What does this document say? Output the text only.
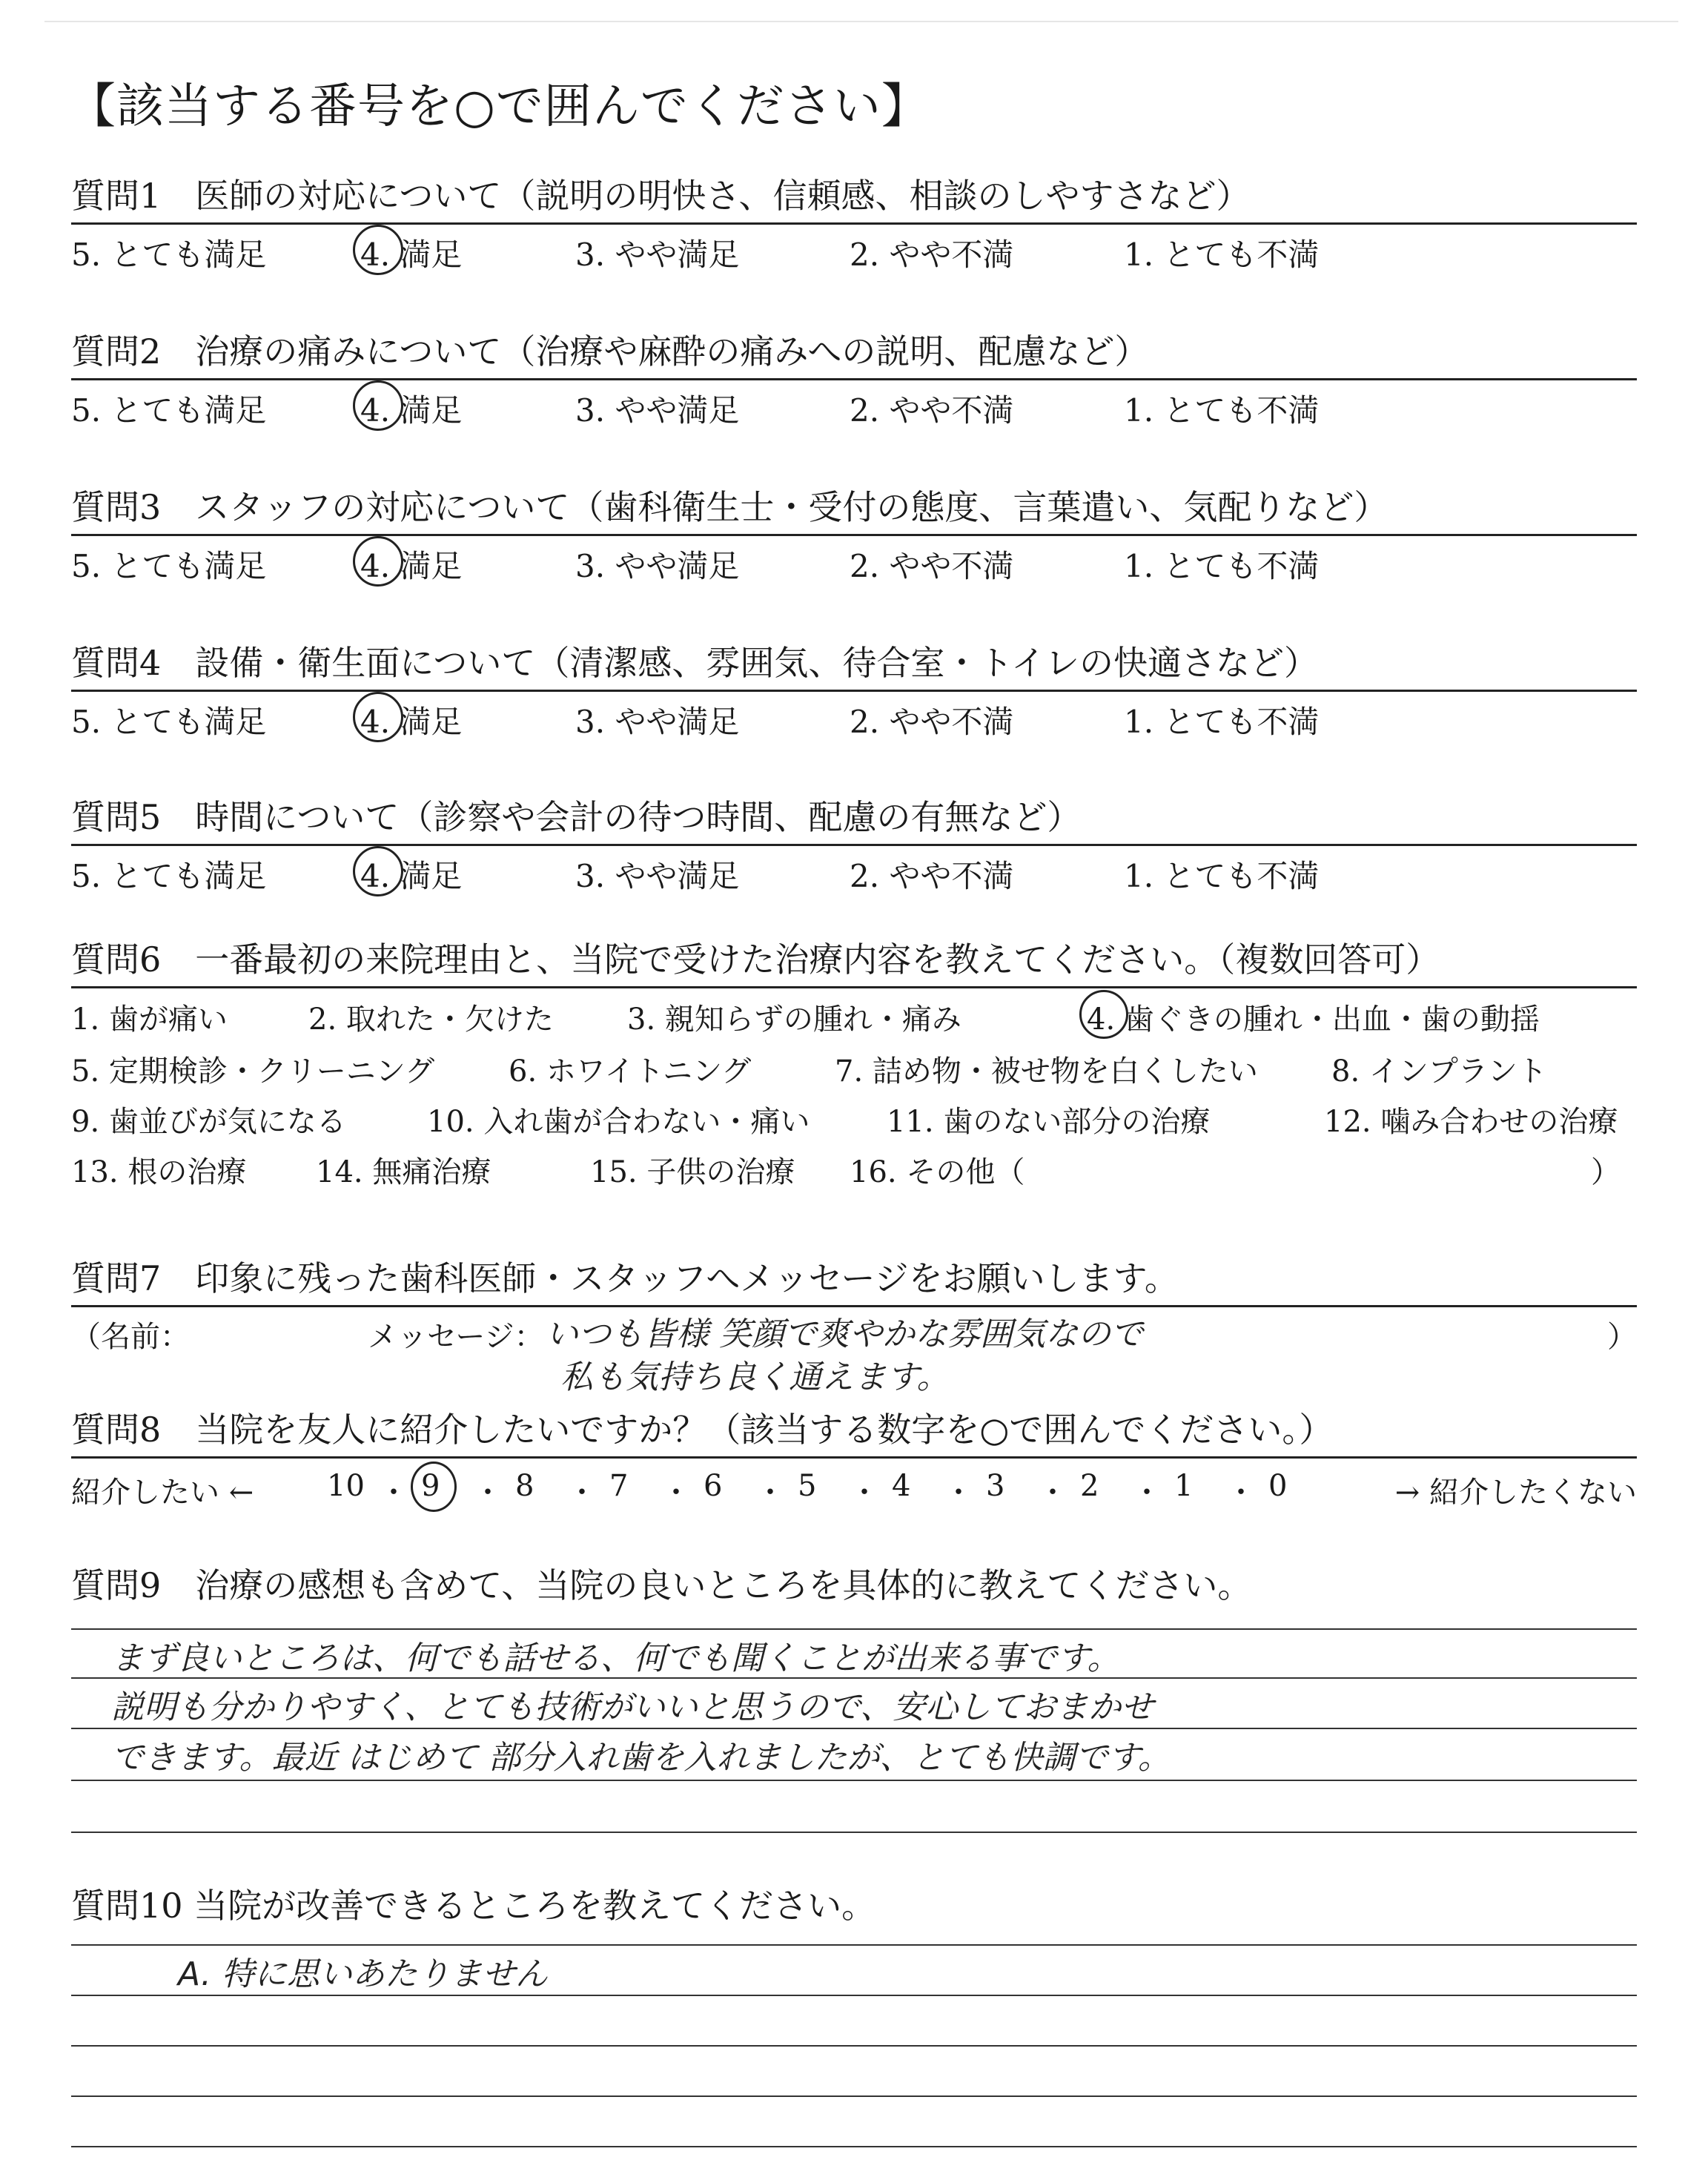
【該当する番号を○で囲んでください】
質問1　医師の対応について（説明の明快さ、信頼感、相談のしやすさなど）
5. とても満足	4. 満足	3. やや満足	2. やや不満	1. とても不満
質問2　治療の痛みについて（治療や麻酔の痛みへの説明、配慮など）
5. とても満足	4. 満足	3. やや満足	2. やや不満	1. とても不満
質問3　スタッフの対応について（歯科衛生士・受付の態度、言葉遣い、気配りなど）
5. とても満足	4. 満足	3. やや満足	2. やや不満	1. とても不満
質問4　設備・衛生面について（清潔感、雰囲気、待合室・トイレの快適さなど）
5. とても満足	4. 満足	3. やや満足	2. やや不満	1. とても不満
質問5　時間について（診察や会計の待つ時間、配慮の有無など）
5. とても満足	4. 満足	3. やや満足	2. やや不満	1. とても不満
質問6　一番最初の来院理由と、当院で受けた治療内容を教えてください。（複数回答可）
1. 歯が痛い	2. 取れた・欠けた 3. 親知らずの腫れ・痛み	4. 歯ぐきの腫れ・出血・歯の動揺
5. 定期検診・クリーニング 6. ホワイトニング	7. 詰め物・被せ物を白くしたい 8. インプラント
9. 歯並びが気になる	10. 入れ歯が合わない・痛い	11. 歯のない部分の治療	12. 噛み合わせの治療
13. 根の治療 14. 無痛治療	15. 子供の治療 16. その他（	）
質問7　印象に残った歯科医師・スタッフへメッセージをお願いします。
（名前：	メッセージ：	）
いつも皆様 笑顔で爽やかな雰囲気なので
私も気持ち良く通えます。
質問8　当院を友人に紹介したいですか？（該当する数字を○で囲んでください。）
紹介したい ←	→ 紹介したくない
10 ・ 9 ・ 8 ・ 7 ・ 6 ・ 5 ・ 4 ・ 3 ・ 2 ・ 1 ・ 0
質問9　治療の感想も含めて、当院の良いところを具体的に教えてください。
まず良いところは、何でも話せる、何でも聞くことが出来る事です。
説明も分かりやすく、とても技術がいいと思うので、安心しておまかせ
できます。最近 はじめて 部分入れ歯を入れましたが、とても快調です。
質問10 当院が改善できるところを教えてください。
A. 特に思いあたりません
